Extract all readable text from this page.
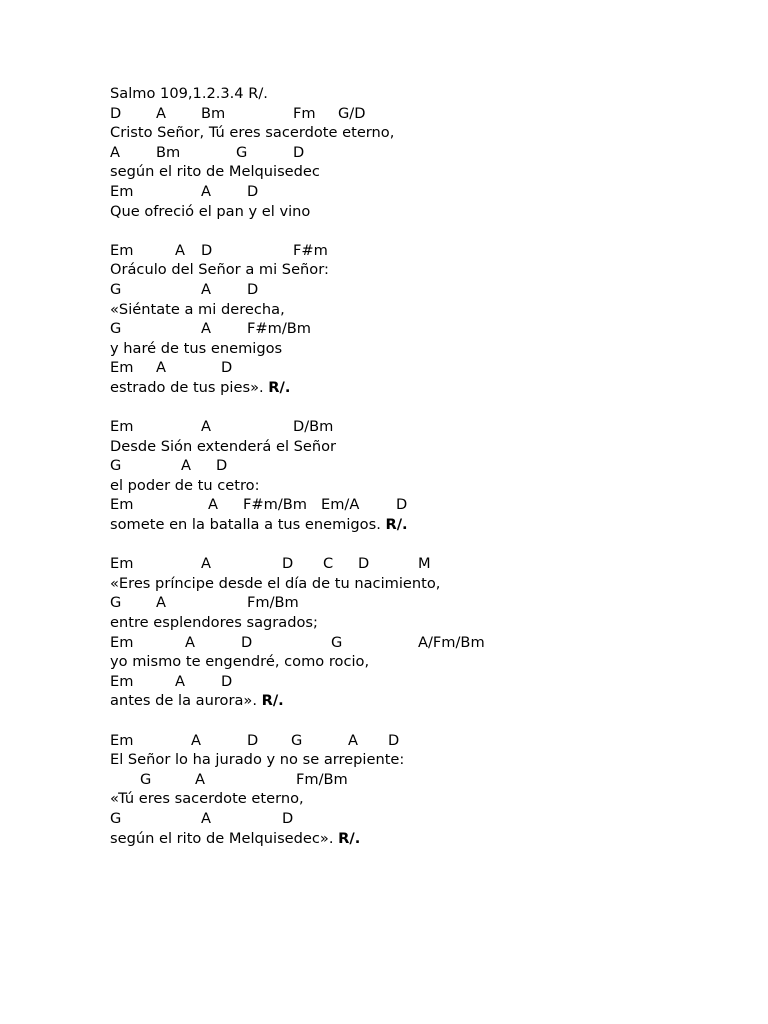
Salmo 109,1.2.3.4 R/.
D A Bm	Fm G/D
Cristo Señor, Tú eres sacerdote eterno,
A Bm	G	D
según el rito de Melquisedec
Em	A D
Que ofreció el pan y el vino
Em	A D	F#m
Oráculo del Señor a mi Señor:
G	A D
«Siéntate a mi derecha,
G	A F#m/Bm
y haré de tus enemigos
Em A	D
estrado de tus pies». R/.
Em	A	D/Bm
Desde Sión extenderá el Señor
G	A D
el poder de tu cetro:
Em	A F#m/Bm Em/A	D
somete en la batalla a tus enemigos. R/.
Em	A	D C D	M
«Eres príncipe desde el día de tu nacimiento,
G A	Fm/Bm
entre esplendores sagrados;
Em	A	D	G	A/Fm/Bm
yo mismo te engendré, como rocio,
Em	A D
antes de la aurora». R/.
Em	A	D G	A D
El Señor lo ha jurado y no se arrepiente:
G	A	Fm/Bm
«Tú eres sacerdote eterno,
G	A	D
según el rito de Melquisedec». R/.
